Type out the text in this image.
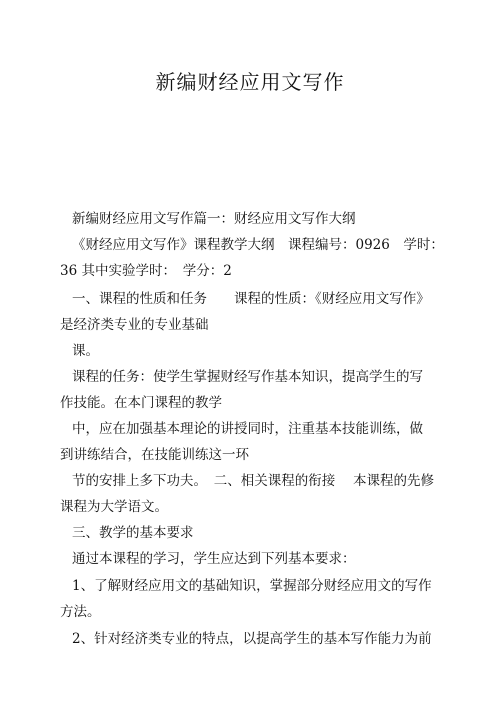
新编财经应用文写作
新编财经应用文写作篇一：财经应用文写作大纲
《财经应用文写作》课程教学大纲　课程编号：0926　学时：
36 其中实验学时：　学分：2
一、课程的性质和任务　　课程的性质：《财经应用文写作》
是经济类专业的专业基础
课。
课程的任务：使学生掌握财经写作基本知识，提高学生的写
作技能。在本门课程的教学
中，应在加强基本理论的讲授同时，注重基本技能训练，做
到讲练结合，在技能训练这一环
节的安排上多下功夫。　二、相关课程的衔接　 本课程的先修
课程为大学语文。
三、教学的基本要求
通过本课程的学习，学生应达到下列基本要求：
1、了解财经应用文的基础知识，掌握部分财经应用文的写作
方法。
2、针对经济类专业的特点，以提高学生的基本写作能力为前
